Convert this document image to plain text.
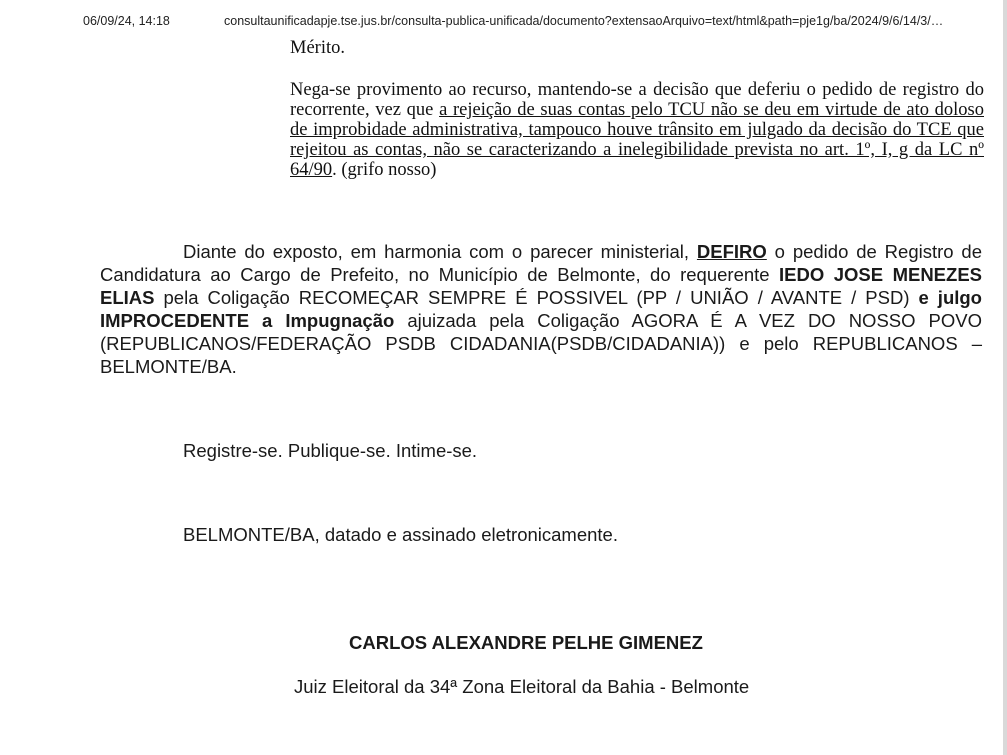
06/09/24, 14:18	consultaunificadapje.tse.jus.br/consulta-publica-unificada/documento?extensaoArquivo=text/html&path=pje1g/ba/2024/9/6/14/3/…
Mérito.
Nega-se provimento ao recurso, mantendo-se a decisão que deferiu o pedido de registro do recorrente, vez que a rejeição de suas contas pelo TCU não se deu em virtude de ato doloso de improbidade administrativa, tampouco houve trânsito em julgado da decisão do TCE que rejeitou as contas, não se caracterizando a inelegibilidade prevista no art. 1º, I, g da LC nº 64/90. (grifo nosso)
Diante do exposto, em harmonia com o parecer ministerial, DEFIRO o pedido de Registro de Candidatura ao Cargo de Prefeito, no Município de Belmonte, do requerente IEDO JOSE MENEZES ELIAS pela Coligação RECOMEÇAR SEMPRE É POSSIVEL (PP / UNIÃO / AVANTE / PSD) e julgo IMPROCEDENTE a Impugnação ajuizada pela Coligação AGORA É A VEZ DO NOSSO POVO (REPUBLICANOS/FEDERAÇÃO PSDB CIDADANIA(PSDB/CIDADANIA)) e pelo REPUBLICANOS – BELMONTE/BA.
Registre-se. Publique-se. Intime-se.
BELMONTE/BA, datado e assinado eletronicamente.
CARLOS ALEXANDRE PELHE GIMENEZ
Juiz Eleitoral da 34ª Zona Eleitoral da Bahia - Belmonte
